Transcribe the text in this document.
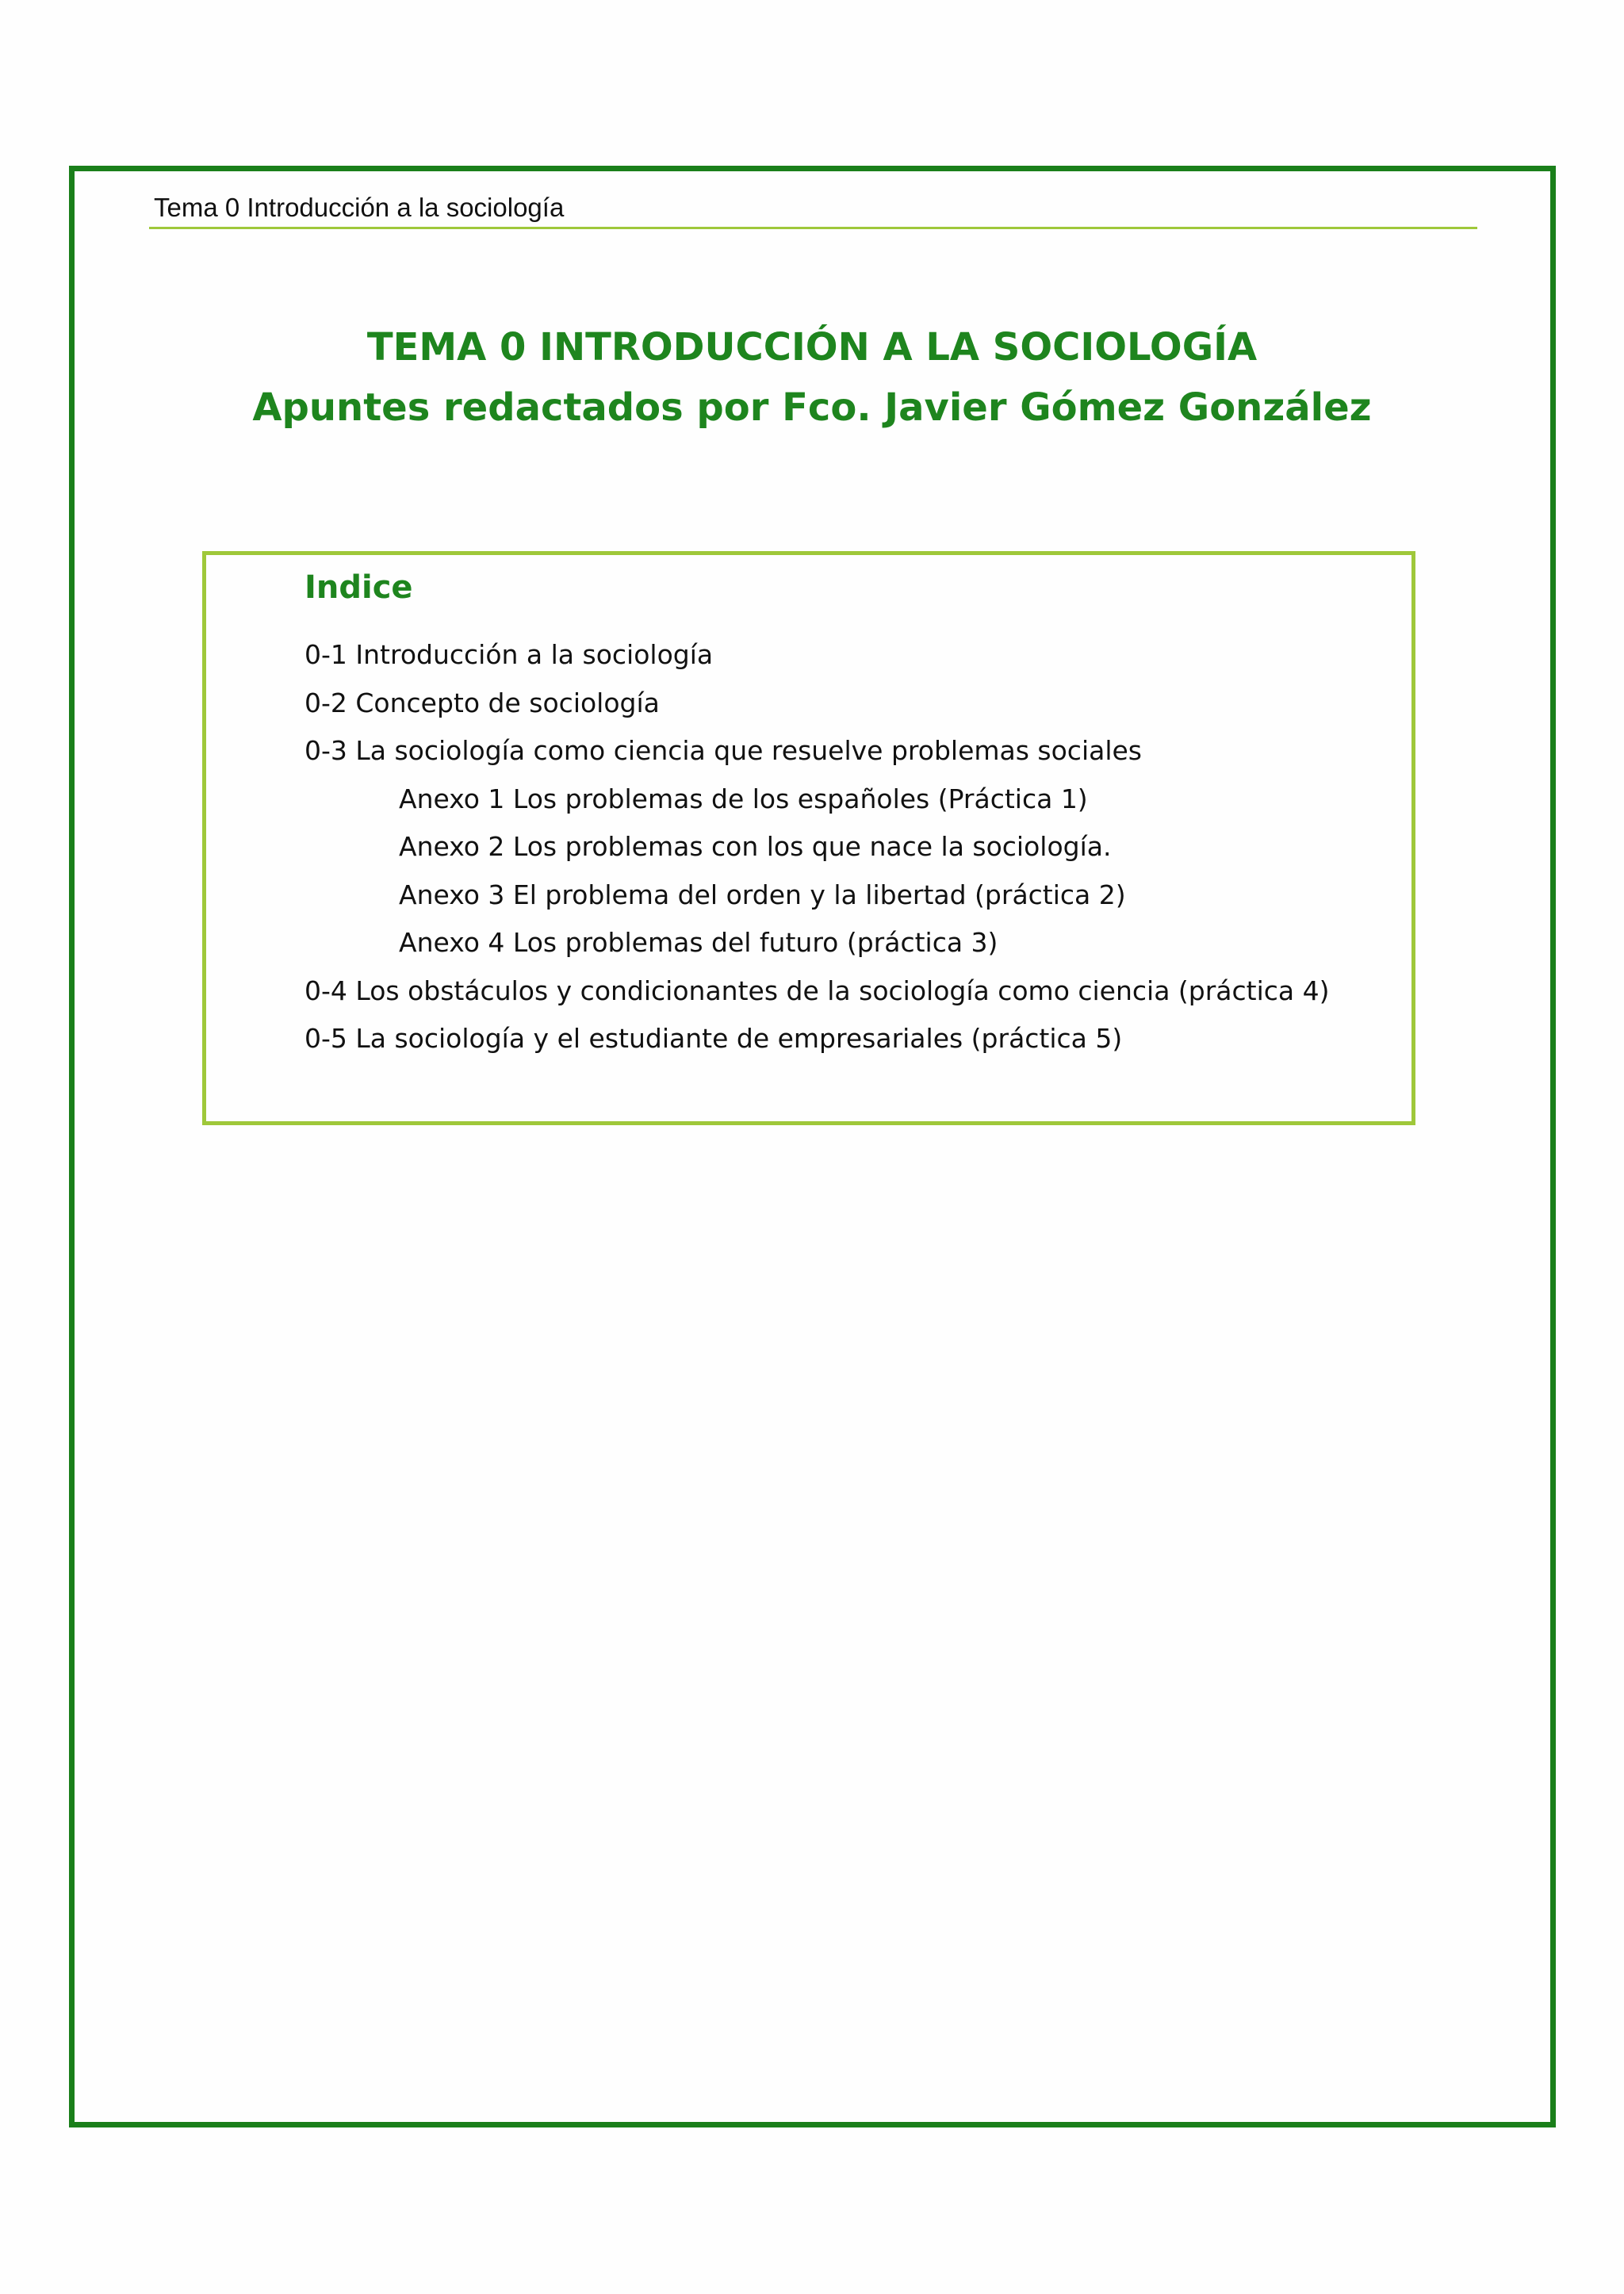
Tema 0 Introducción a la sociología
TEMA 0 INTRODUCCIÓN A LA SOCIOLOGÍA
Apuntes redactados por Fco. Javier Gómez González
Indice
0-1 Introducción a la sociología
0-2 Concepto de sociología
0-3 La sociología como ciencia que resuelve problemas sociales
Anexo 1 Los problemas de los españoles (Práctica 1)
Anexo 2 Los problemas con los que nace la sociología.
Anexo 3 El problema del orden y la libertad (práctica 2)
Anexo 4 Los problemas del futuro (práctica 3)
0-4 Los obstáculos y condicionantes de la sociología como ciencia (práctica 4)
0-5 La sociología y el estudiante de empresariales (práctica 5)
